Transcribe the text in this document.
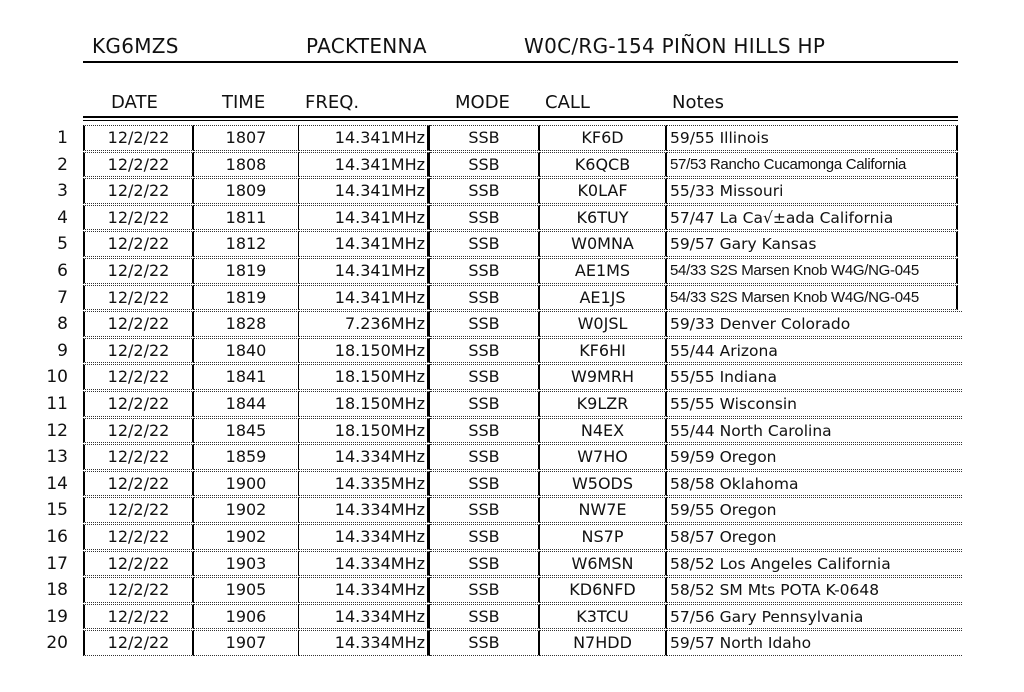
KG6MZS	PACKTENNA	W0C/RG-154 PIÑON HILLS HP
DATE	TIME FREQ.	MODE CALL	Notes
1	12/2/22	1807	14.341MHz	SSB	KF6D	59/55 Illinois
2	12/2/22	1808	14.341MHz	SSB	K6QCB	57/53 Rancho Cucamonga California
3	12/2/22	1809	14.341MHz	SSB	K0LAF	55/33 Missouri
4	12/2/22	1811	14.341MHz	SSB	K6TUY	57/47 La Ca√±ada California
5	12/2/22	1812	14.341MHz	SSB	W0MNA	59/57 Gary Kansas
6	12/2/22	1819	14.341MHz	SSB	AE1MS	54/33 S2S Marsen Knob W4G/NG-045
7	12/2/22	1819	14.341MHz	SSB	AE1JS	54/33 S2S Marsen Knob W4G/NG-045
8	12/2/22	1828	7.236MHz	SSB	W0JSL	59/33 Denver Colorado
9	12/2/22	1840	18.150MHz	SSB	KF6HI	55/44 Arizona
10	12/2/22	1841	18.150MHz	SSB	W9MRH	55/55 Indiana
11	12/2/22	1844	18.150MHz	SSB	K9LZR	55/55 Wisconsin
12	12/2/22	1845	18.150MHz	SSB	N4EX	55/44 North Carolina
13	12/2/22	1859	14.334MHz	SSB	W7HO	59/59 Oregon
14	12/2/22	1900	14.335MHz	SSB	W5ODS	58/58 Oklahoma
15	12/2/22	1902	14.334MHz	SSB	NW7E	59/55 Oregon
16	12/2/22	1902	14.334MHz	SSB	NS7P	58/57 Oregon
17	12/2/22	1903	14.334MHz	SSB	W6MSN	58/52 Los Angeles California
18	12/2/22	1905	14.334MHz	SSB	KD6NFD	58/52 SM Mts POTA K-0648
19	12/2/22	1906	14.334MHz	SSB	K3TCU	57/56 Gary Pennsylvania
20	12/2/22	1907	14.334MHz	SSB	N7HDD	59/57 North Idaho
